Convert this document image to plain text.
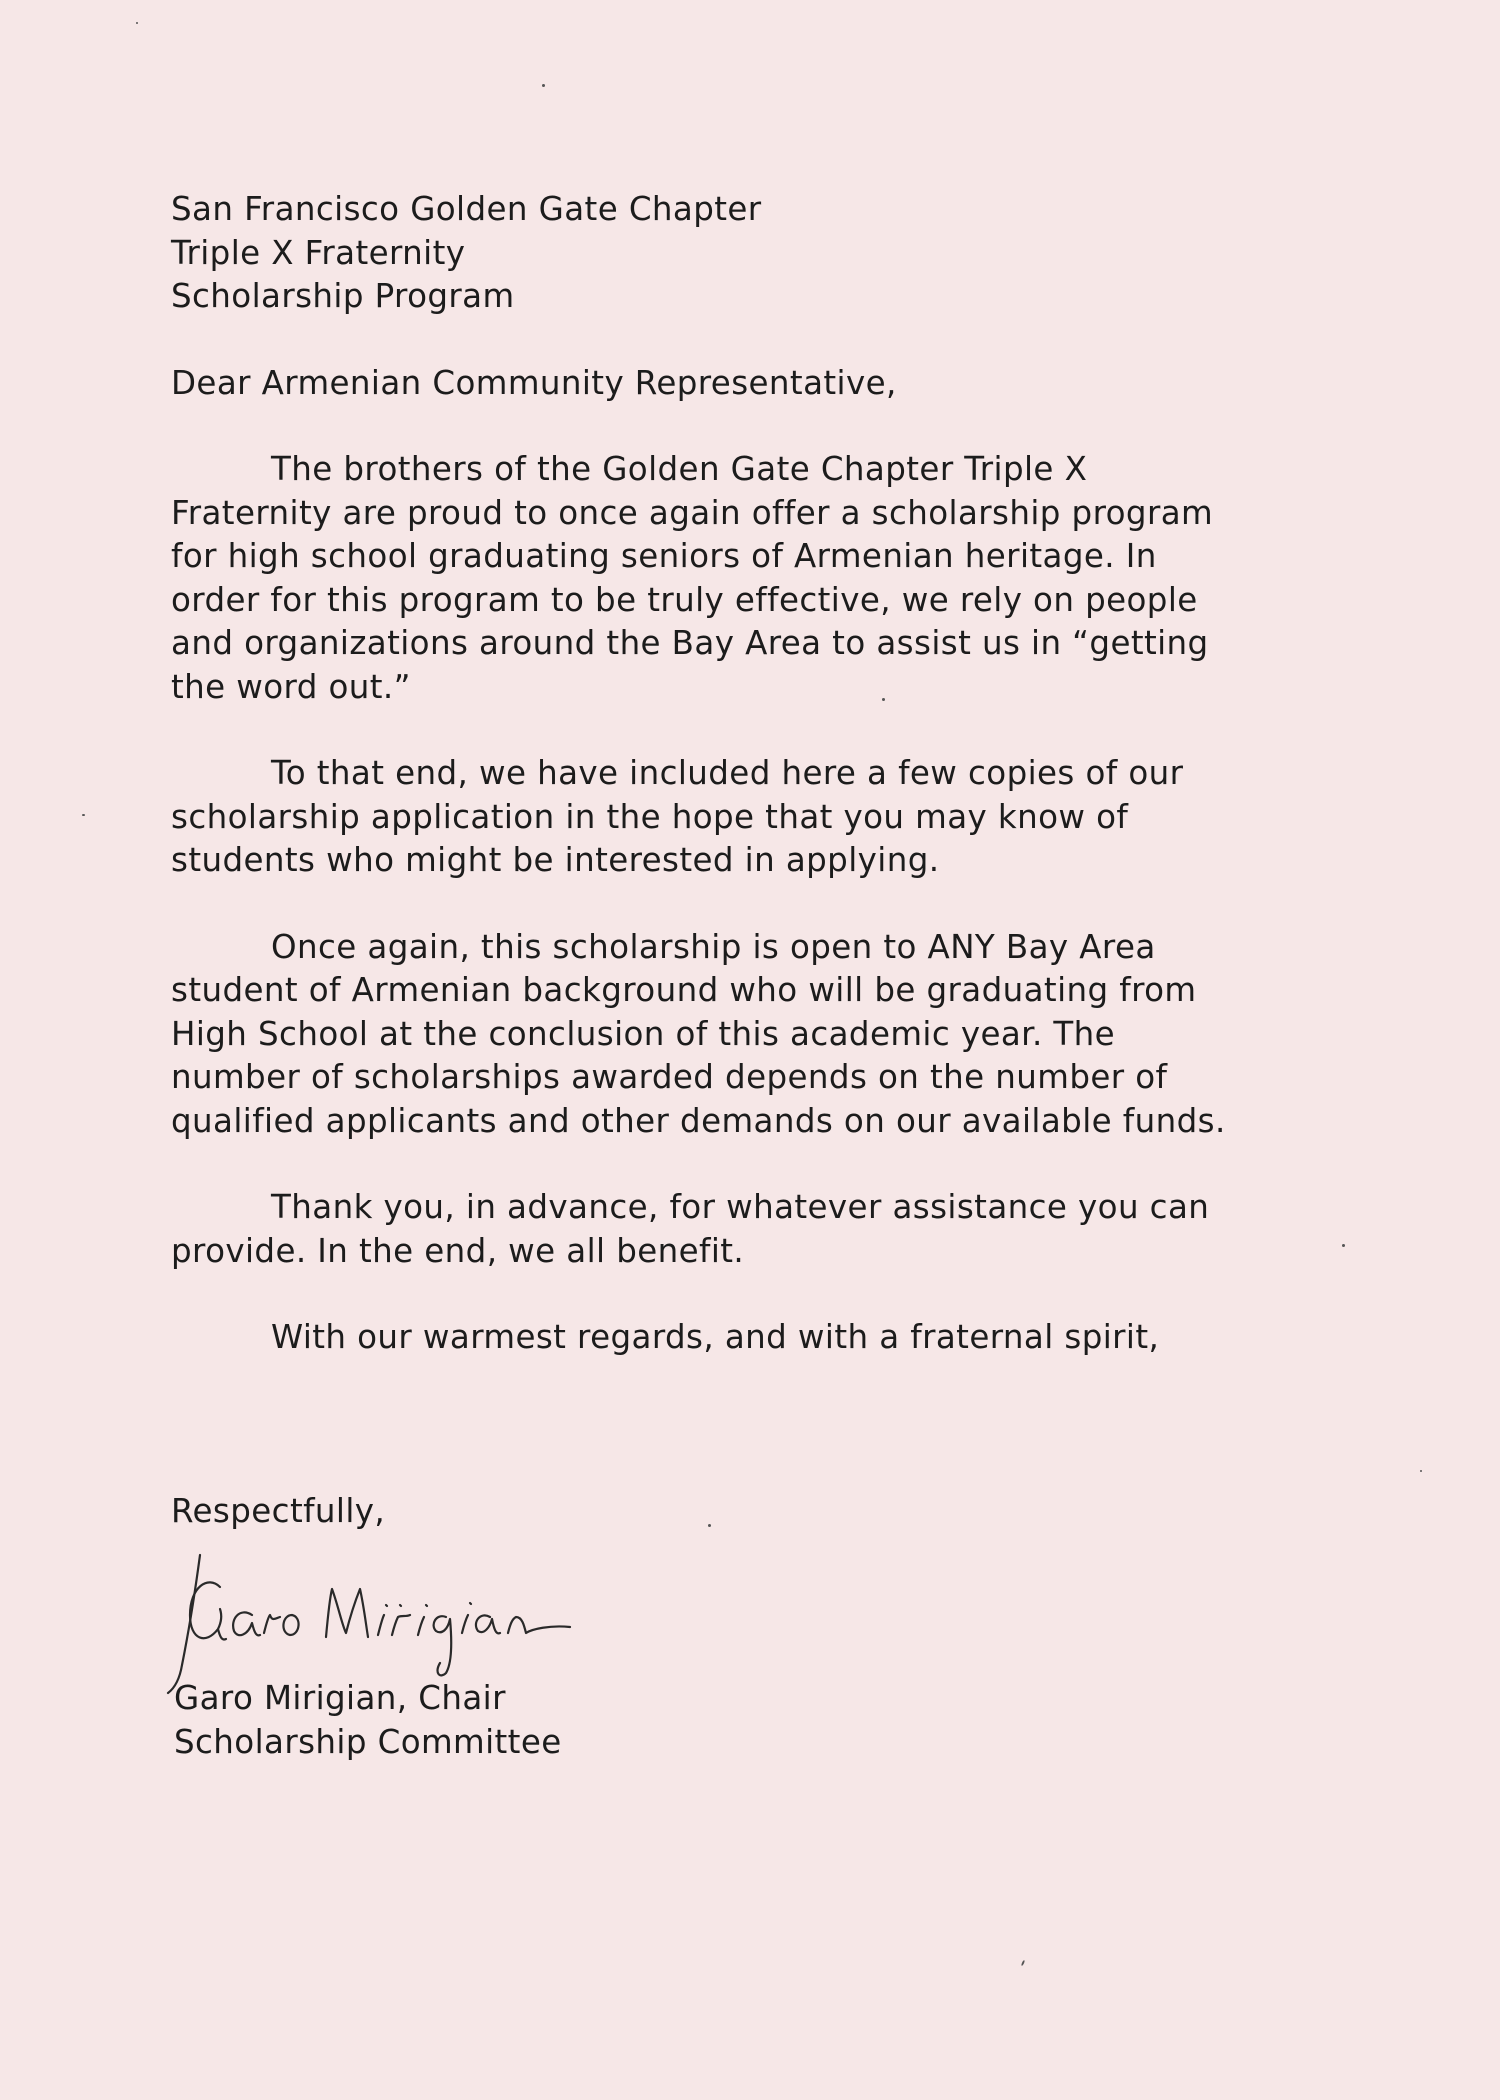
San Francisco Golden Gate Chapter
Triple X Fraternity
Scholarship Program
Dear Armenian Community Representative,
The brothers of the Golden Gate Chapter Triple X
Fraternity are proud to once again offer a scholarship program
for high school graduating seniors of Armenian heritage. In
order for this program to be truly effective, we rely on people
and organizations around the Bay Area to assist us in “getting
the word out.”
To that end, we have included here a few copies of our
scholarship application in the hope that you may know of
students who might be interested in applying.
Once again, this scholarship is open to ANY Bay Area
student of Armenian background who will be graduating from
High School at the conclusion of this academic year. The
number of scholarships awarded depends on the number of
qualified applicants and other demands on our available funds.
Thank you, in advance, for whatever assistance you can
provide. In the end, we all benefit.
With our warmest regards, and with a fraternal spirit,
Respectfully,
Garo Mirigian
Garo Mirigian, Chair
Scholarship Committee
